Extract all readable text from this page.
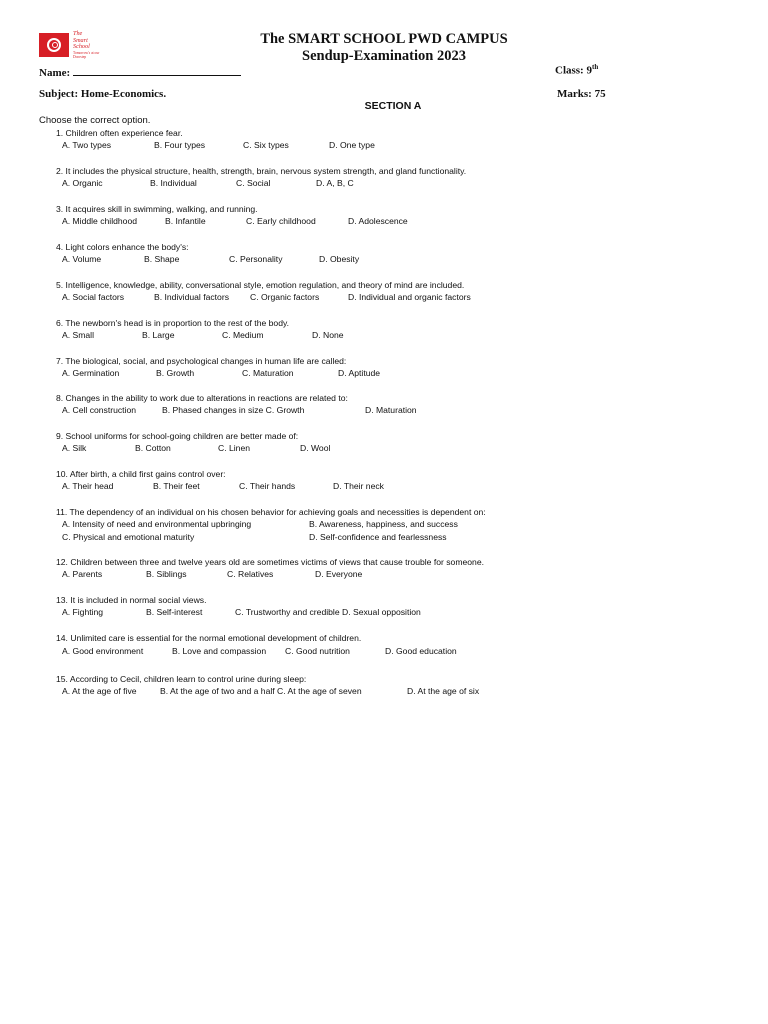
The
Smart
School
Tomorrow's at our Doorstep
The SMART SCHOOL PWD CAMPUS
Sendup-Examination 2023
Name:	Class: 9th
Subject: Home-Economics.	Marks: 75
SECTION A
Choose the correct option.
1. Children often experience fear.
A. Two types	B. Four types	C. Six types	D. One type
2. It includes the physical structure, health, strength, brain, nervous system strength, and gland functionality.
A. Organic	B. Individual	C. Social	D. A, B, C
3. It acquires skill in swimming, walking, and running.
A. Middle childhood	B. Infantile	C. Early childhood	D. Adolescence
4. Light colors enhance the body's:
A. Volume	B. Shape	C. Personality	D. Obesity
5. Intelligence, knowledge, ability, conversational style, emotion regulation, and theory of mind are included.
A. Social factors	B. Individual factors C. Organic factors	D. Individual and organic factors
6. The newborn's head is in proportion to the rest of the body.
A. Small	B. Large	C. Medium	D. None
7. The biological, social, and psychological changes in human life are called:
A. Germination	B. Growth	C. Maturation	D. Aptitude
8. Changes in the ability to work due to alterations in reactions are related to:
A. Cell construction	B. Phased changes in size C. Growth	D. Maturation
9. School uniforms for school-going children are better made of:
A. Silk	B. Cotton	C. Linen	D. Wool
10. After birth, a child first gains control over:
A. Their head	B. Their feet	C. Their hands	D. Their neck
11. The dependency of an individual on his chosen behavior for achieving goals and necessities is dependent on:
A. Intensity of need and environmental upbringing	B. Awareness, happiness, and success
C. Physical and emotional maturity	D. Self-confidence and fearlessness
12. Children between three and twelve years old are sometimes victims of views that cause trouble for someone.
A. Parents	B. Siblings	C. Relatives	D. Everyone
13. It is included in normal social views.
A. Fighting	B. Self-interest	C. Trustworthy and credible D. Sexual opposition
14. Unlimited care is essential for the normal emotional development of children.
A. Good environment	B. Love and compassion C. Good nutrition	D. Good education
15. According to Cecil, children learn to control urine during sleep:
A. At the age of five	B. At the age of two and a half C. At the age of seven	D. At the age of six
